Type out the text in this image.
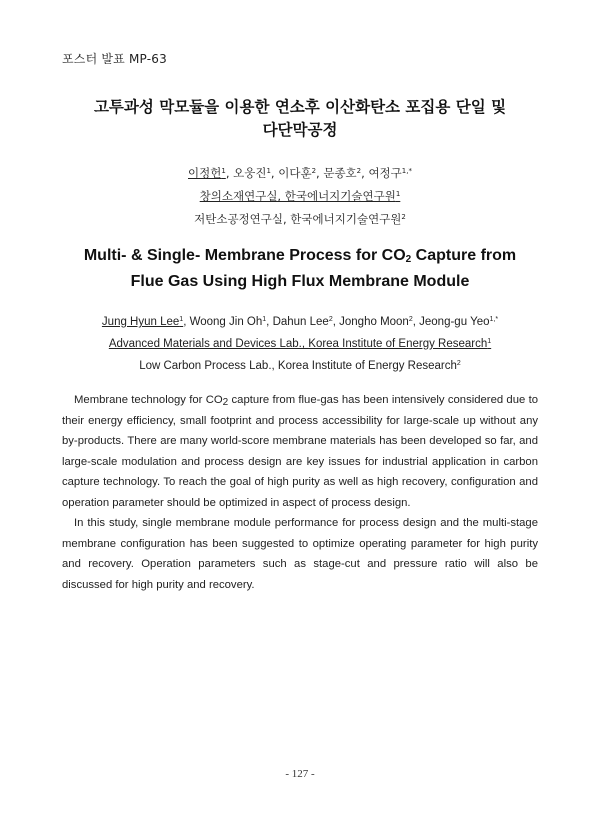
포스터 발표 MP-63
고투과성 막모듈을 이용한 연소후 이산화탄소 포집용 단일 및
다단막공정
이정헌$^1$, 오웅진$^1$, 이다훈$^2$, 문종호$^2$, 여정구$^{1,*}$
창의소재연구실, 한국에너지기술연구원$^1$
저탄소공정연구실, 한국에너지기술연구원$^2$
Multi- & Single- Membrane Process for $CO_2$ Capture from
Flue Gas Using High Flux Membrane Module
Jung Hyun Lee$^1$, Woong Jin Oh$^1$, Dahun Lee$^2$, Jongho Moon$^2$, Jeong-gu Yeo$^{1,*}$
Advanced Materials and Devices Lab., Korea Institute of Energy Research$^1$
Low Carbon Process Lab., Korea Institute of Energy Research$^2$

Membrane technology for $CO_2$ capture from flue-gas has been intensively considered due to their energy efficiency, small footprint and process accessibility for large-scale up without any by-products. There are many world-score membrane materials has been developed so far, and large-scale modulation and process design are key issues for industrial application in carbon capture technology. To reach the goal of high purity as well as high recovery, configuration and operation parameter should be optimized in aspect of process design.

In this study, single membrane module performance for process design and the multi-stage membrane configuration has been suggested to optimize operating parameter for high purity and recovery. Operation parameters such as stage-cut and pressure ratio will also be discussed for high purity and recovery.

- 127 -
